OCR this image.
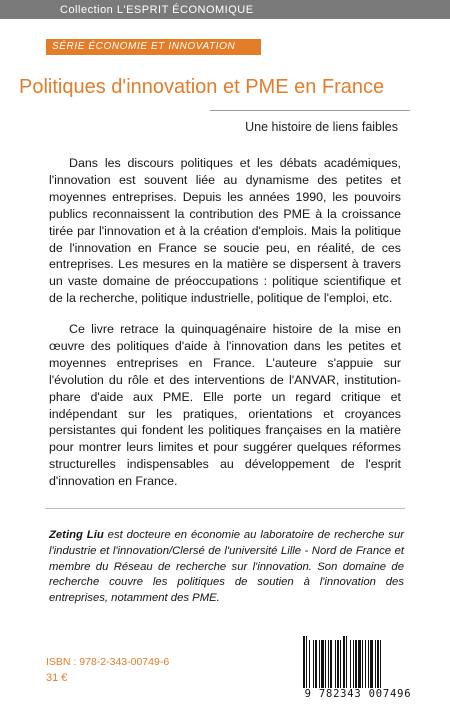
Collection L'ESPRIT ÉCONOMIQUE
SÉRIE ÉCONOMIE ET INNOVATION
Politiques d'innovation et PME en France
Une histoire de liens faibles

Dans les discours politiques et les débats académiques, l'innovation est souvent liée au dynamisme des petites et moyennes entreprises. Depuis les années 1990, les pouvoirs publics reconnaissent la contribution des PME à la croissance tirée par l'innovation et à la création d'emplois. Mais la politique de l'innovation en France se soucie peu, en réalité, de ces entreprises. Les mesures en la matière se dispersent à travers un vaste domaine de préoccupations : politique scientifique et de la recherche, politique industrielle, politique de l'emploi, etc.

Ce livre retrace la quinquagénaire histoire de la mise en œuvre des politiques d'aide à l'innovation dans les petites et moyennes entreprises en France. L'auteure s'appuie sur l'évolution du rôle et des interventions de l'ANVAR, institution-phare d'aide aux PME. Elle porte un regard critique et indépendant sur les pratiques, orientations et croyances persistantes qui fondent les politiques françaises en la matière pour montrer leurs limites et pour suggérer quelques réformes structurelles indispensables au développement de l'esprit d'innovation en France.

Zeting Liu est docteure en économie au laboratoire de recherche sur l'industrie et l'innovation/Clersé de l'université Lille - Nord de France et membre du Réseau de recherche sur l'innovation. Son domaine de recherche couvre les politiques de soutien à l'innovation des entreprises, notamment des PME.

ISBN : 978-2-343-00749-6
31 €
9 782343 007496
